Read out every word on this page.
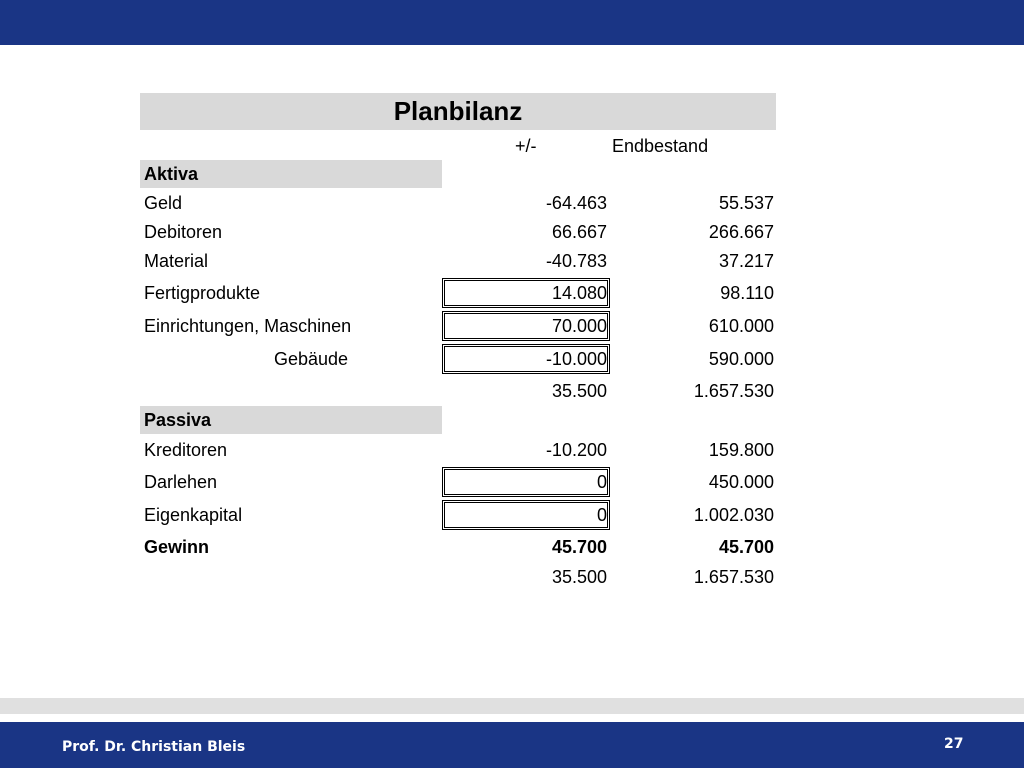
Planbilanz
+/-	Endbestand
Aktiva
Geld	-64.463	55.537
Debitoren	66.667	266.667
Material	-40.783	37.217
Fertigprodukte	14.080	98.110
Einrichtungen, Maschinen	70.000	610.000
Gebäude	-10.000	590.000
35.500	1.657.530
Passiva
Kreditoren	-10.200	159.800
Darlehen	0	450.000
Eigenkapital	0	1.002.030
Gewinn	45.700	45.700
35.500	1.657.530
Prof. Dr. Christian Bleis	27
